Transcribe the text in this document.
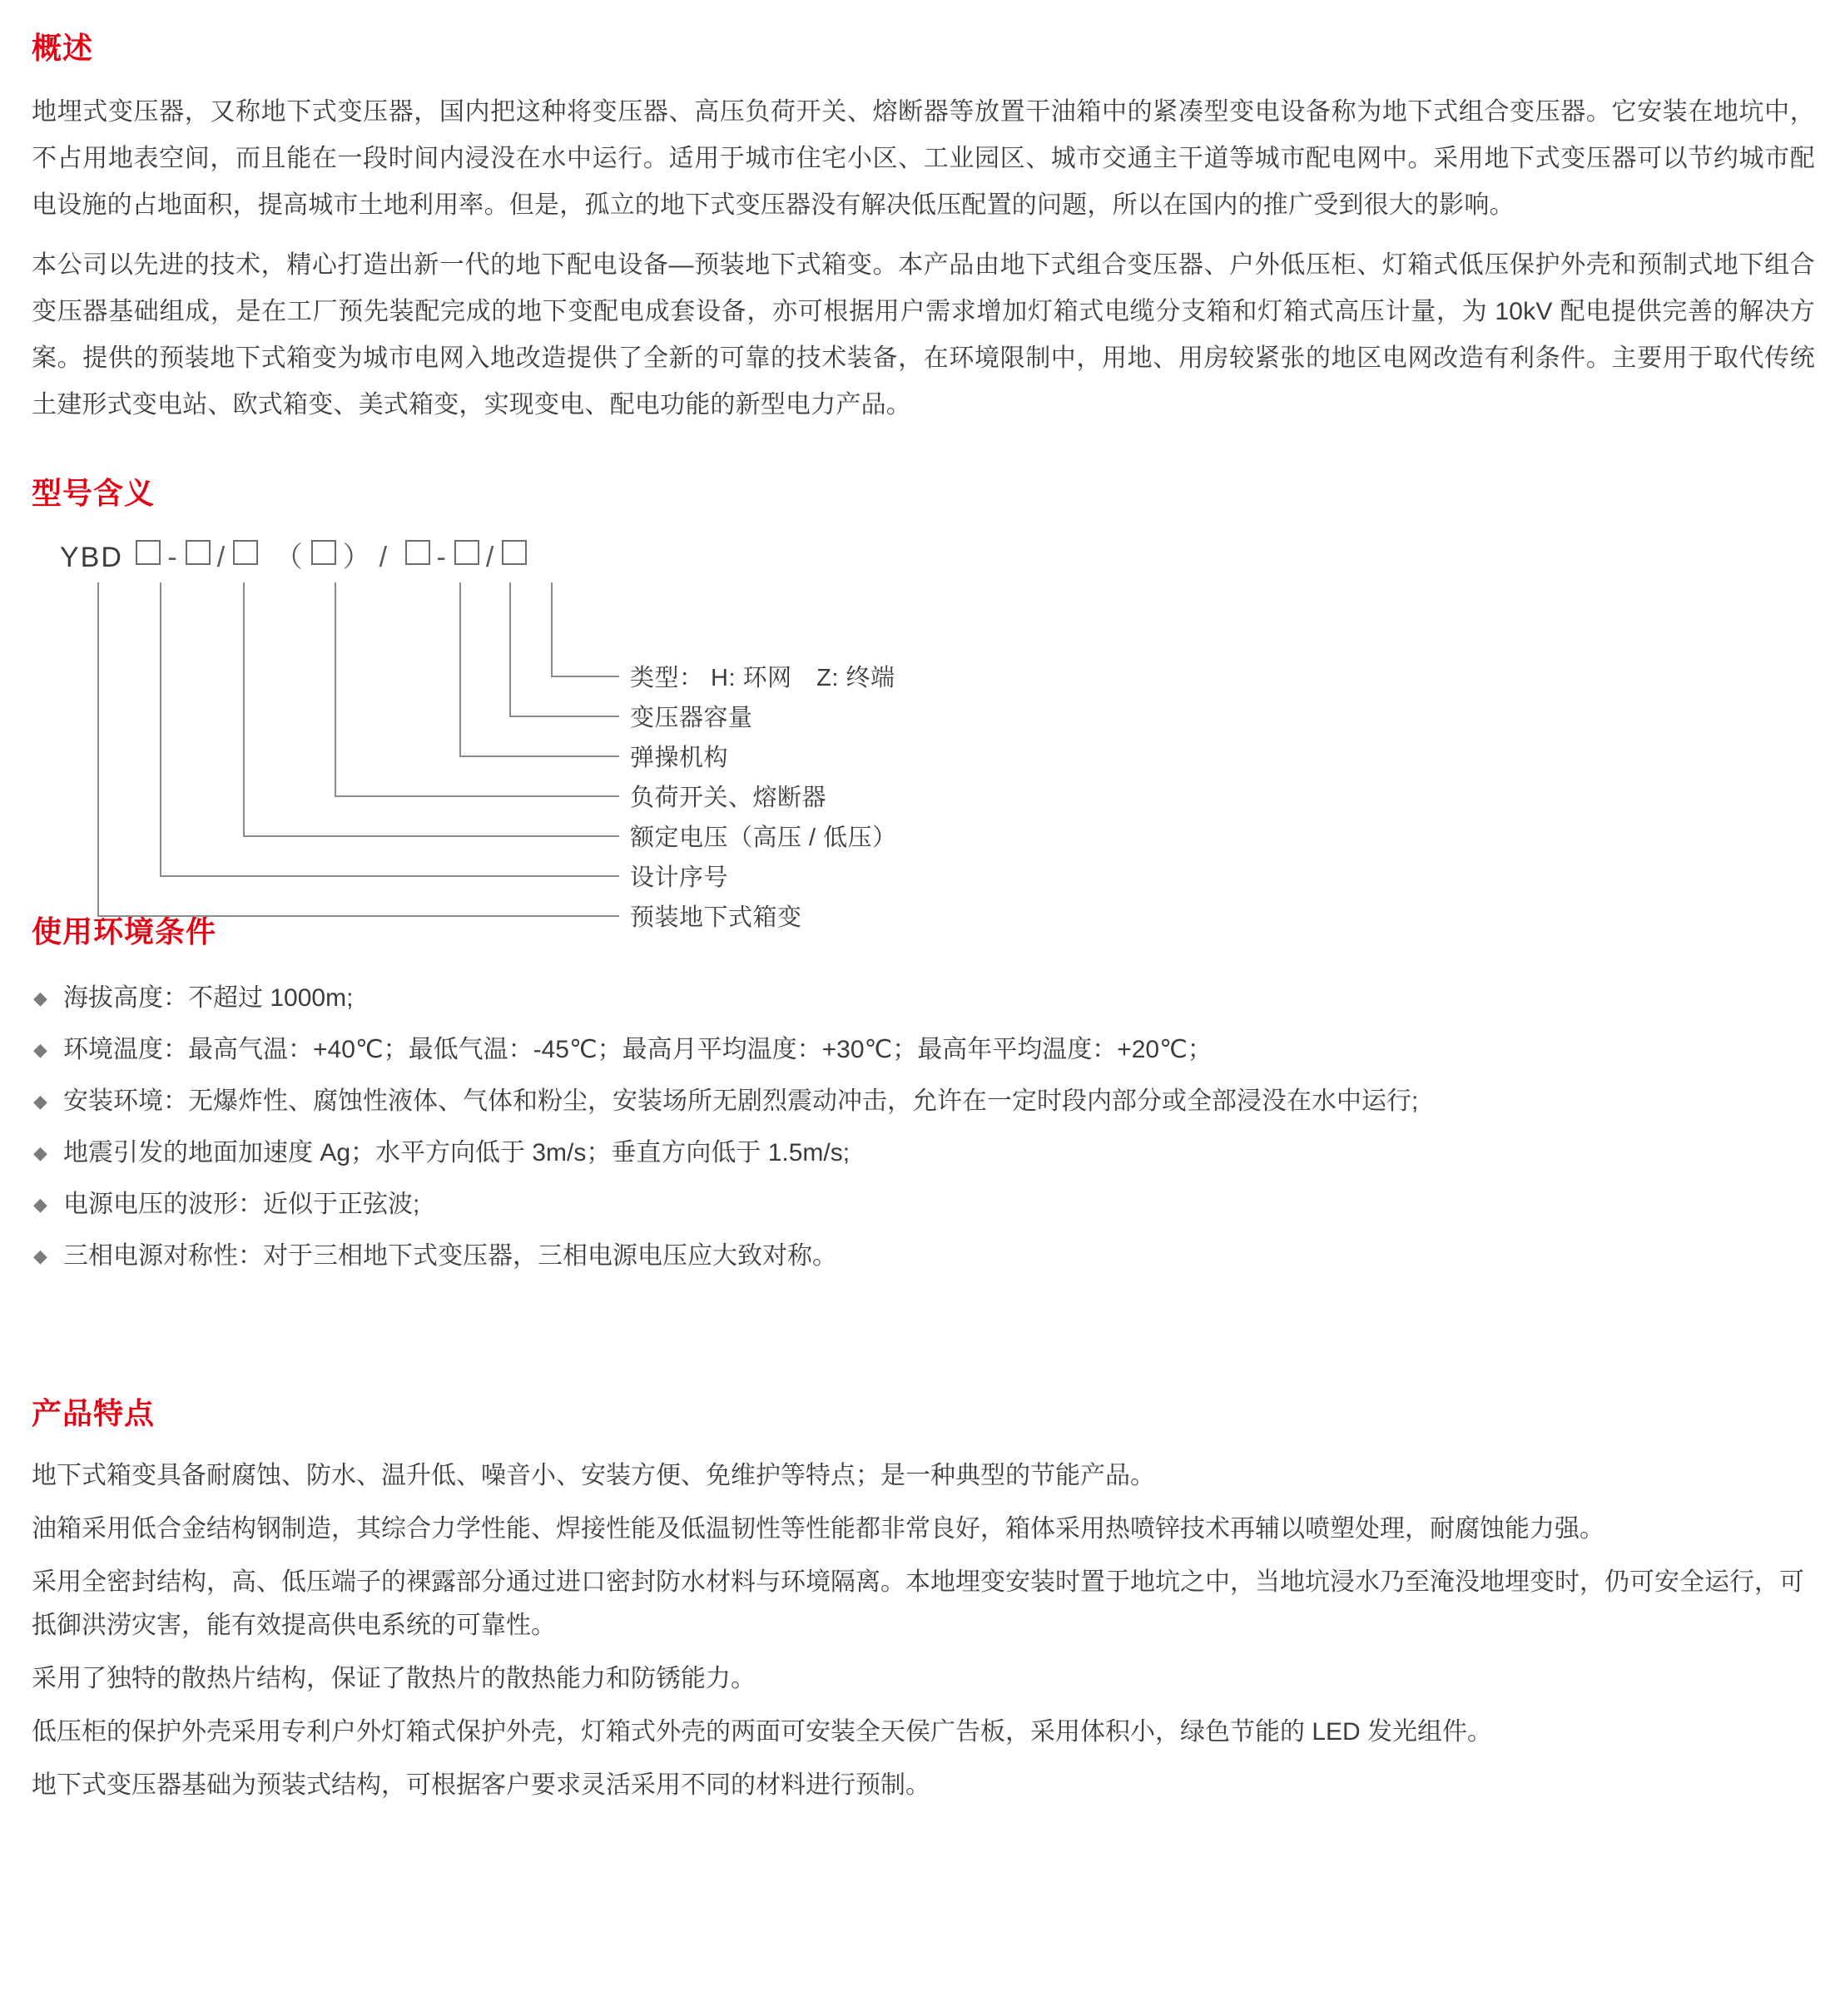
概述

地埋式变压器，又称地下式变压器，国内把这种将变压器、高压负荷开关、熔断器等放置干油箱中的紧凑型变电设备称为地下式组合变压器。它安装在地坑中，不占用地表空间，而且能在一段时间内浸没在水中运行。适用于城市住宅小区、工业园区、城市交通主干道等城市配电网中。采用地下式变压器可以节约城市配电设施的占地面积，提高城市土地利用率。但是，孤立的地下式变压器没有解决低压配置的问题，所以在国内的推广受到很大的影响。

本公司以先进的技术，精心打造出新一代的地下配电设备—预装地下式箱变。本产品由地下式组合变压器、户外低压柜、灯箱式低压保护外壳和预制式地下组合变压器基础组成，是在工厂预先装配完成的地下变配电成套设备，亦可根据用户需求增加灯箱式电缆分支箱和灯箱式高压计量，为 10kV 配电提供完善的解决方案。提供的预装地下式箱变为城市电网入地改造提供了全新的可靠的技术装备，在环境限制中，用地、用房较紧张的地区电网改造有利条件。主要用于取代传统土建形式变电站、欧式箱变、美式箱变，实现变电、配电功能的新型电力产品。

型号含义
YBD - / （ ） / - /
类型： H: 环网　Z: 终端
变压器容量
弹操机构
负荷开关、熔断器
额定电压（高压 / 低压）
设计序号
预装地下式箱变
使用环境条件
◆ 海拔高度：不超过 1000m;
◆ 环境温度：最高气温：+40℃；最低气温：-45℃；最高月平均温度：+30℃；最高年平均温度：+20℃；
◆ 安装环境：无爆炸性、腐蚀性液体、气体和粉尘，安装场所无剧烈震动冲击，允许在一定时段内部分或全部浸没在水中运行;
◆ 地震引发的地面加速度 Ag；水平方向低于 3m/s；垂直方向低于 1.5m/s;
◆ 电源电压的波形：近似于正弦波;
◆ 三相电源对称性：对于三相地下式变压器，三相电源电压应大致对称。
产品特点

地下式箱变具备耐腐蚀、防水、温升低、噪音小、安装方便、免维护等特点；是一种典型的节能产品。

油箱采用低合金结构钢制造，其综合力学性能、焊接性能及低温韧性等性能都非常良好，箱体采用热喷锌技术再辅以喷塑处理，耐腐蚀能力强。

采用全密封结构，高、低压端子的裸露部分通过进口密封防水材料与环境隔离。本地埋变安装时置于地坑之中，当地坑浸水乃至淹没地埋变时，仍可安全运行，可抵御洪涝灾害，能有效提高供电系统的可靠性。

采用了独特的散热片结构，保证了散热片的散热能力和防锈能力。

低压柜的保护外壳采用专利户外灯箱式保护外壳，灯箱式外壳的两面可安装全天侯广告板，采用体积小，绿色节能的 LED 发光组件。

地下式变压器基础为预装式结构，可根据客户要求灵活采用不同的材料进行预制。
